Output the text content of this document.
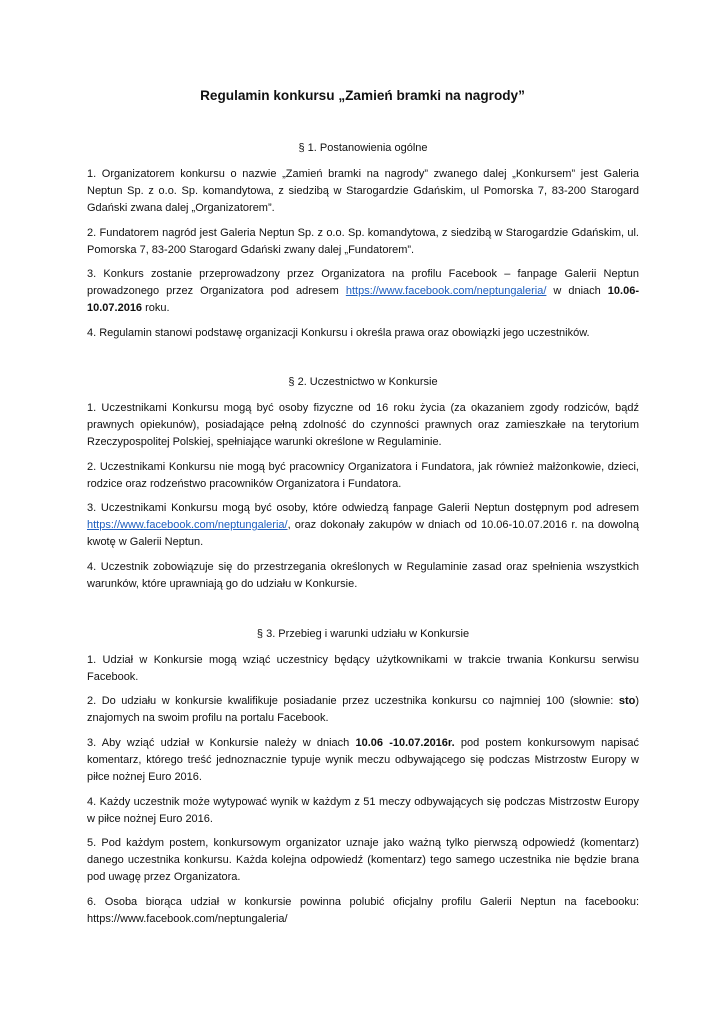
Regulamin konkursu „Zamień bramki na nagrody”
§ 1. Postanowienia ogólne

1. Organizatorem konkursu o nazwie „Zamień bramki na nagrody” zwanego dalej „Konkursem” jest Galeria Neptun Sp. z o.o. Sp. komandytowa, z siedzibą w Starogardzie Gdańskim, ul Pomorska 7, 83-200 Starogard Gdański zwana dalej „Organizatorem”.

2. Fundatorem nagród jest Galeria Neptun Sp. z o.o. Sp. komandytowa, z siedzibą w Starogardzie Gdańskim, ul. Pomorska 7, 83-200 Starogard Gdański zwany dalej „Fundatorem”.

3. Konkurs zostanie przeprowadzony przez Organizatora na profilu Facebook – fanpage Galerii Neptun prowadzonego przez Organizatora pod adresem https://www.facebook.com/neptungaleria/ w dniach 10.06-10.07.2016 roku.

4. Regulamin stanowi podstawę organizacji Konkursu i określa prawa oraz obowiązki jego uczestników.

§ 2. Uczestnictwo w Konkursie

1. Uczestnikami Konkursu mogą być osoby fizyczne od 16 roku życia (za okazaniem zgody rodziców, bądź prawnych opiekunów), posiadające pełną zdolność do czynności prawnych oraz zamieszkałe na terytorium Rzeczypospolitej Polskiej, spełniające warunki określone w Regulaminie.

2. Uczestnikami Konkursu nie mogą być pracownicy Organizatora i Fundatora, jak również małżonkowie, dzieci, rodzice oraz rodzeństwo pracowników Organizatora i Fundatora.

3. Uczestnikami Konkursu mogą być osoby, które odwiedzą fanpage Galerii Neptun dostępnym pod adresem https://www.facebook.com/neptungaleria/, oraz dokonały zakupów w dniach od 10.06-10.07.2016 r. na dowolną kwotę w Galerii Neptun.

4. Uczestnik zobowiązuje się do przestrzegania określonych w Regulaminie zasad oraz spełnienia wszystkich warunków, które uprawniają go do udziału w Konkursie.

§ 3. Przebieg i warunki udziału w Konkursie

1. Udział w Konkursie mogą wziąć uczestnicy będący użytkownikami w trakcie trwania Konkursu serwisu Facebook.

2. Do udziału w konkursie kwalifikuje posiadanie przez uczestnika konkursu co najmniej 100 (słownie: sto) znajomych na swoim profilu na portalu Facebook.

3. Aby wziąć udział w Konkursie należy w dniach 10.06 -10.07.2016r. pod postem konkursowym napisać komentarz, którego treść jednoznacznie typuje wynik meczu odbywającego się podczas Mistrzostw Europy w piłce nożnej Euro 2016.

4. Każdy uczestnik może wytypować wynik w każdym z 51 meczy odbywających się podczas Mistrzostw Europy w piłce nożnej Euro 2016.

5. Pod każdym postem, konkursowym organizator uznaje jako ważną tylko pierwszą odpowiedź (komentarz) danego uczestnika konkursu. Każda kolejna odpowiedź (komentarz) tego samego uczestnika nie będzie brana pod uwagę przez Organizatora.

6. Osoba biorąca udział w konkursie powinna polubić oficjalny profilu Galerii Neptun na facebooku: https://www.facebook.com/neptungaleria/
